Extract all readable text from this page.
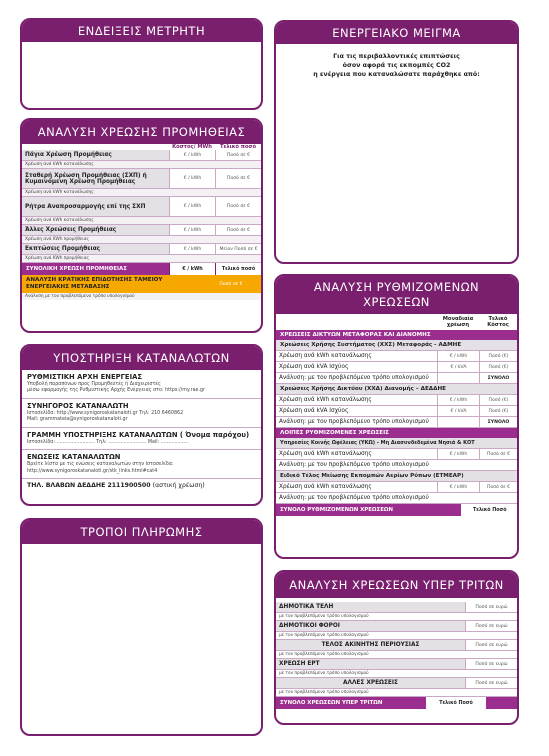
ΕΝΔΕΙΞΕΙΣ ΜΕΤΡΗΤΗ	ΕΝΕΡΓΕΙΑΚΟ ΜΕΙΓΜΑ
Για τις περιβαλλοντικές επιπτώσεις
όσον αφορά τις εκπομπές CO2
η ενέργεια που καταναλώσατε παράχθηκε από:
ΑΝΑΛΥΣΗ ΧΡΕΩΣΗΣ ΠΡΟΜΗΘΕΙΑΣ
Κόστος/ MWh	Τελικό ποσό
Πάγια Χρέωση Προμήθειας	€ / kWh	Ποσό σε €
Χρέωση ανά kWh κατανάλωσης
Σταθερή Χρέωση Προμήθειας (ΣΧΠ) ή Κυμαινόμενη Χρέωση Προμήθειας	€ / kWh	Ποσό σε €
Χρέωση ανά kWh κατανάλωσης
Ρήτρα Αναπροσαρμογής επί της ΣΧΠ	€ / kWh	Ποσό σε €
Χρέωση ανά kWh κατανάλωσης
Άλλες Χρεώσεις Προμήθειας	€ / kWh	Ποσό σε €
Χρέωση ανά KWh προμήθειας
Εκπτώσεις Προμήθειας	€ / kWh	Μείον Ποσό σε €
Χρέωση ανά KWh προμήθειας
ΣΥΝΟΛΙΚΗ ΧΡΕΩΣΗ ΠΡΟΜΗΘΕΙΑΣ	€ / kWh	Τελικό ποσό
ΑΝΑΛΥΣΗ ΚΡΑΤΙΚΗΣ ΕΠΙΔΟΤΗΣΗΣ ΤΑΜΕΙΟΥ ΕΝΕΡΓΕΙΑΚΗΣ ΜΕΤΑΒΑΣΗΣ	Ποσό σε €
Ανάλυση με τον προβλεπόμενο τρόπο υπολογισμού
ΥΠΟΣΤΗΡΙΞΗ ΚΑΤΑΝΑΛΩΤΩΝ
ΡΥΘΜΙΣΤΙΚΗ ΑΡΧΗ ΕΝΕΡΓΕΙΑΣ
Υποβολή παραπόνων προς Προμηθευτές ή Διαχειριστές
μέσω εφαρμογής της Ρυθμιστικής Αρχής Ενέργειας στο: https://my.rae.gr
ΣΥΝΗΓΟΡΟΣ ΚΑΤΑΝΑΛΩΤΗ
Ιστοσελίδα: http://www.synigoroskatanaloti.gr Τηλ: 210 6460862
Mail: grammateia@synigoroskatanaloti.gr
ΓΡΑΜΜΗ ΥΠΟΣΤΗΡΙΞΗΣ ΚΑΤΑΝΑΛΩΤΩΝ ( Όνομα παρόχου)
Ιστοσελίδα: ......................... Τηλ: ......................... Mail: ..................
ΕΝΩΣΕΙΣ ΚΑΤΑΝΑΛΩΤΩΝ
Βρείτε λίστα με τις ενώσεις καταναλωτών στην Ιστοσελίδα:
http://www.synigoroskatanaloti.gr/stk_links.html#cat4
ΤΗΛ. ΒΛΑΒΩΝ ΔΕΔΔΗΕ 2111900500 (αστική χρέωση)
ΤΡΟΠΟΙ ΠΛΗΡΩΜΗΣ
ΑΝΑΛΥΣΗ ΡΥΘΜΙΖΟΜΕΝΩΝ
ΧΡΕΩΣΕΩΝ
Μοναδιαία χρέωση
Τελικό Κόστος
ΧΡΕΩΣΕΙΣ ΔΙΚΤΥΩΝ ΜΕΤΑΦΟΡΑΣ ΚΑΙ ΔΙΑΝΟΜΗΣ
Χρεώσεις Χρήσης Συστήματος (ΧΧΣ) Μεταφοράς - ΑΔΜΗΕ
Χρέωση ανά kWh κατανάλωσης	€ / kWh	Ποσό (€)
Χρέωση ανά kVA Ισχύος	€ / kVA	Ποσό (€)
Ανάλυση: με τον προβλεπόμενο τρόπο υπολογισμού	ΣΥΝΟΛΟ
Χρεώσεις Χρήσης Δικτύου (ΧΧΔ) Διανομής – ΔΕΔΔΗΕ
Χρέωση ανά kWh κατανάλωσης	€ / kWh	Ποσό (€)
Χρέωση ανά kVA Ισχύος	€ / kVA	Ποσό (€)
Ανάλυση: με τον προβλεπόμενο τρόπο υπολογισμού	ΣΥΝΟΛΟ
ΛΟΙΠΕΣ ΡΥΘΜΙΖΟΜΕΝΕΣ ΧΡΕΩΣΕΙΣ
Υπηρεσίες Κοινής Ωφέλειας (ΥΚΩ) - Μη Διασυνδεδεμένα Νησιά & ΚΟΤ
Χρέωση ανά kWh κατανάλωσης	€ / kWh	Ποσό σε €
Ανάλυση: με τον προβλεπόμενο τρόπο υπολογισμού
Ειδικό Τέλος Μείωσης Εκπομπών Αερίων Ρύπων (ΕΤΜΕΑΡ)
Χρέωση ανά kWh κατανάλωσης	€ / kWh	Ποσό σε €
Ανάλυση: με τον προβλεπόμενο τρόπο υπολογισμού
ΣΥΝΟΛΟ ΡΥΘΜΙΖΟΜΕΝΩΝ ΧΡΕΩΣΕΩΝ	Τελικό Ποσό
ΑΝΑΛΥΣΗ ΧΡΕΩΣΕΩΝ ΥΠΕΡ ΤΡΙΤΩΝ
ΔΗΜΟΤΙΚΑ ΤΕΛΗ	Ποσό σε ευρώ
με τον προβλεπόμενο τρόπο υπολογισμού
ΔΗΜΟΤΙΚΟΙ ΦΟΡΟΙ	Ποσό σε ευρώ
με τον προβλεπόμενο τρόπο υπολογισμού
ΤΕΛΟΣ ΑΚΙΝΗΤΗΣ ΠΕΡΙΟΥΣΙΑΣ	Ποσό σε ευρώ
με τον προβλεπόμενο τρόπο υπολογισμού
ΧΡΕΩΣΗ ΕΡΤ	Ποσό σε ευρώ
με τον προβλεπόμενο τρόπο υπολογισμού
ΑΛΛΕΣ ΧΡΕΩΣΕΙΣ	Ποσό σε ευρώ
με τον προβλεπόμενο τρόπο υπολογισμού
ΣΥΝΟΛΟ ΧΡΕΩΣΕΩΝ ΥΠΕΡ ΤΡΙΤΩΝ	Τελικό Ποσό
